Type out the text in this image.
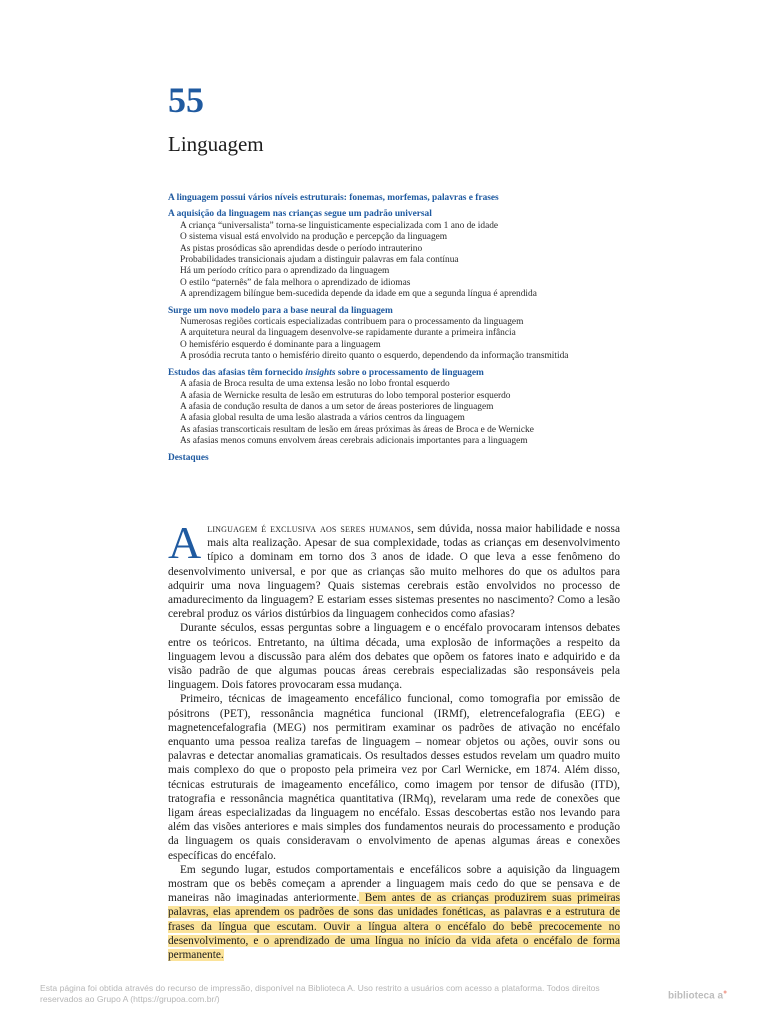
55
Linguagem

A linguagem possui vários níveis estruturais: fonemas, morfemas, palavras e frases

A aquisição da linguagem nas crianças segue um padrão universal

A criança “universalista” torna-se linguisticamente especializada com 1 ano de idade

O sistema visual está envolvido na produção e percepção da linguagem

As pistas prosódicas são aprendidas desde o período intrauterino

Probabilidades transicionais ajudam a distinguir palavras em fala contínua

Há um período crítico para o aprendizado da linguagem

O estilo “paternês” de fala melhora o aprendizado de idiomas

A aprendizagem bilíngue bem-sucedida depende da idade em que a segunda língua é aprendida

Surge um novo modelo para a base neural da linguagem

Numerosas regiões corticais especializadas contribuem para o processamento da linguagem

A arquitetura neural da linguagem desenvolve-se rapidamente durante a primeira infância

O hemisfério esquerdo é dominante para a linguagem

A prosódia recruta tanto o hemisfério direito quanto o esquerdo, dependendo da informação transmitida

Estudos das afasias têm fornecido insights sobre o processamento de linguagem

A afasia de Broca resulta de uma extensa lesão no lobo frontal esquerdo

A afasia de Wernicke resulta de lesão em estruturas do lobo temporal posterior esquerdo

A afasia de condução resulta de danos a um setor de áreas posteriores de linguagem

A afasia global resulta de uma lesão alastrada a vários centros da linguagem

As afasias transcorticais resultam de lesão em áreas próximas às áreas de Broca e de Wernicke

As afasias menos comuns envolvem áreas cerebrais adicionais importantes para a linguagem

Destaques

Alinguagem é exclusiva aos seres humanos, sem dúvida, nossa maior habilidade e nossa mais alta realização. Apesar de sua complexidade, todas as crianças em desenvolvimento típico a dominam em torno dos 3 anos de idade. O que leva a esse fenômeno do desenvolvimento universal, e por que as crianças são muito melhores do que os adultos para adquirir uma nova linguagem? Quais sistemas cerebrais estão envolvidos no processo de amadurecimento da linguagem? E estariam esses sistemas presentes no nascimento? Como a lesão cerebral produz os vários distúrbios da linguagem conhecidos como afasias?

Durante séculos, essas perguntas sobre a linguagem e o encéfalo provocaram intensos debates entre os teóricos. Entretanto, na última década, uma explosão de informações a respeito da linguagem levou a discussão para além dos debates que opõem os fatores inato e adquirido e da visão padrão de que algumas poucas áreas cerebrais especializadas são responsáveis pela linguagem. Dois fatores provocaram essa mudança.

Primeiro, técnicas de imageamento encefálico funcional, como tomografia por emissão de pósitrons (PET), ressonância magnética funcional (IRMf), eletrencefalografia (EEG) e magnetencefalografia (MEG) nos permitiram examinar os padrões de ativação no encéfalo enquanto uma pessoa realiza tarefas de linguagem – nomear objetos ou ações, ouvir sons ou palavras e detectar anomalias gramaticais. Os resultados desses estudos revelam um quadro muito mais complexo do que o proposto pela primeira vez por Carl Wernicke, em 1874. Além disso, técnicas estruturais de imageamento encefálico, como imagem por tensor de difusão (ITD), tratografia e ressonância magnética quantitativa (IRMq), revelaram uma rede de conexões que ligam áreas especializadas da linguagem no encéfalo. Essas descobertas estão nos levando para além das visões anteriores e mais simples dos fundamentos neurais do processamento e produção da linguagem os quais consideravam o envolvimento de apenas algumas áreas e conexões específicas do encéfalo.

Em segundo lugar, estudos comportamentais e encefálicos sobre a aquisição da linguagem mostram que os bebês começam a aprender a linguagem mais cedo do que se pensava e de maneiras não imaginadas anteriormente. Bem antes de as crianças produzirem suas primeiras palavras, elas aprendem os padrões de sons das unidades fonéticas, as palavras e a estrutura de frases da língua que escutam. Ouvir a língua altera o encéfalo do bebê precocemente no desenvolvimento, e o aprendizado de uma língua no início da vida afeta o encéfalo de forma permanente.

Esta página foi obtida através do recurso de impressão, disponível na Biblioteca A. Uso restrito a usuários com acesso a plataforma. Todos direitos reservados ao Grupo A (https://grupoa.com.br/)	biblioteca a●
